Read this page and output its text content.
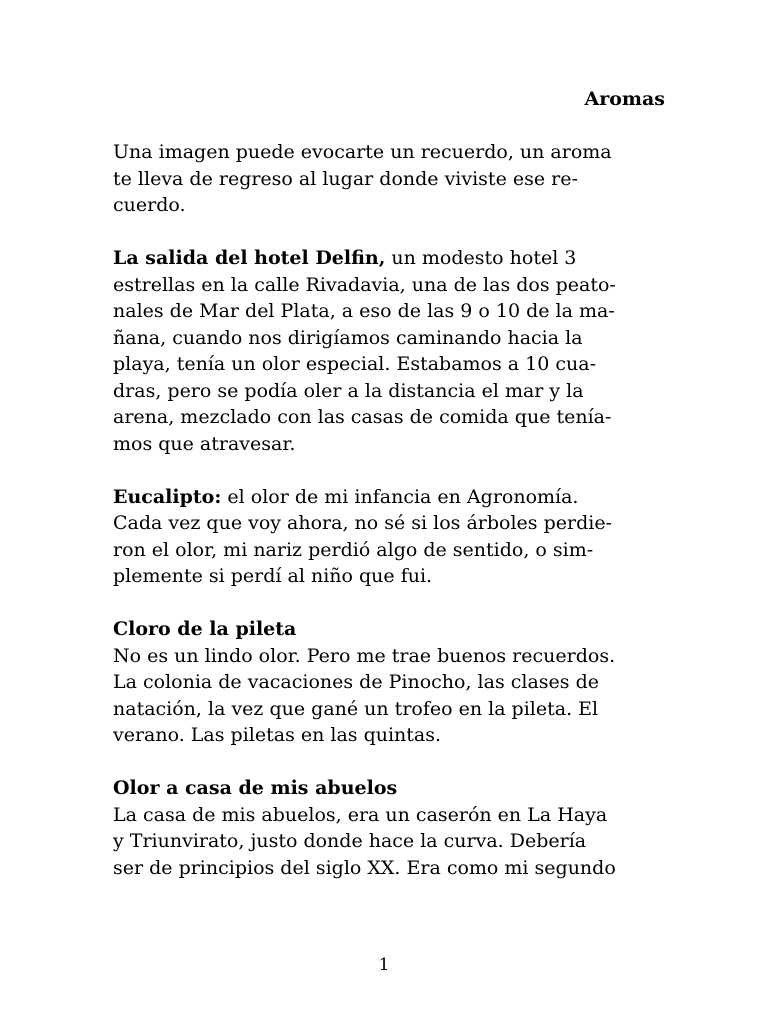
Aromas
Una imagen puede evocarte un recuerdo, un aroma
te lleva de regreso al lugar donde viviste ese re-
cuerdo.
La salida del hotel Delfin, un modesto hotel 3
estrellas en la calle Rivadavia, una de las dos peato-
nales de Mar del Plata, a eso de las 9 o 10 de la ma-
ñana, cuando nos dirigíamos caminando hacia la
playa, tenía un olor especial. Estabamos a 10 cua-
dras, pero se podía oler a la distancia el mar y la
arena, mezclado con las casas de comida que tenía-
mos que atravesar.
Eucalipto: el olor de mi infancia en Agronomía.
Cada vez que voy ahora, no sé si los árboles perdie-
ron el olor, mi nariz perdió algo de sentido, o sim-
plemente si perdí al niño que fui.
Cloro de la pileta
No es un lindo olor. Pero me trae buenos recuerdos.
La colonia de vacaciones de Pinocho, las clases de
natación, la vez que gané un trofeo en la pileta. El
verano. Las piletas en las quintas.
Olor a casa de mis abuelos
La casa de mis abuelos, era un caserón en La Haya
y Triunvirato, justo donde hace la curva. Debería
ser de principios del siglo XX. Era como mi segundo
1
